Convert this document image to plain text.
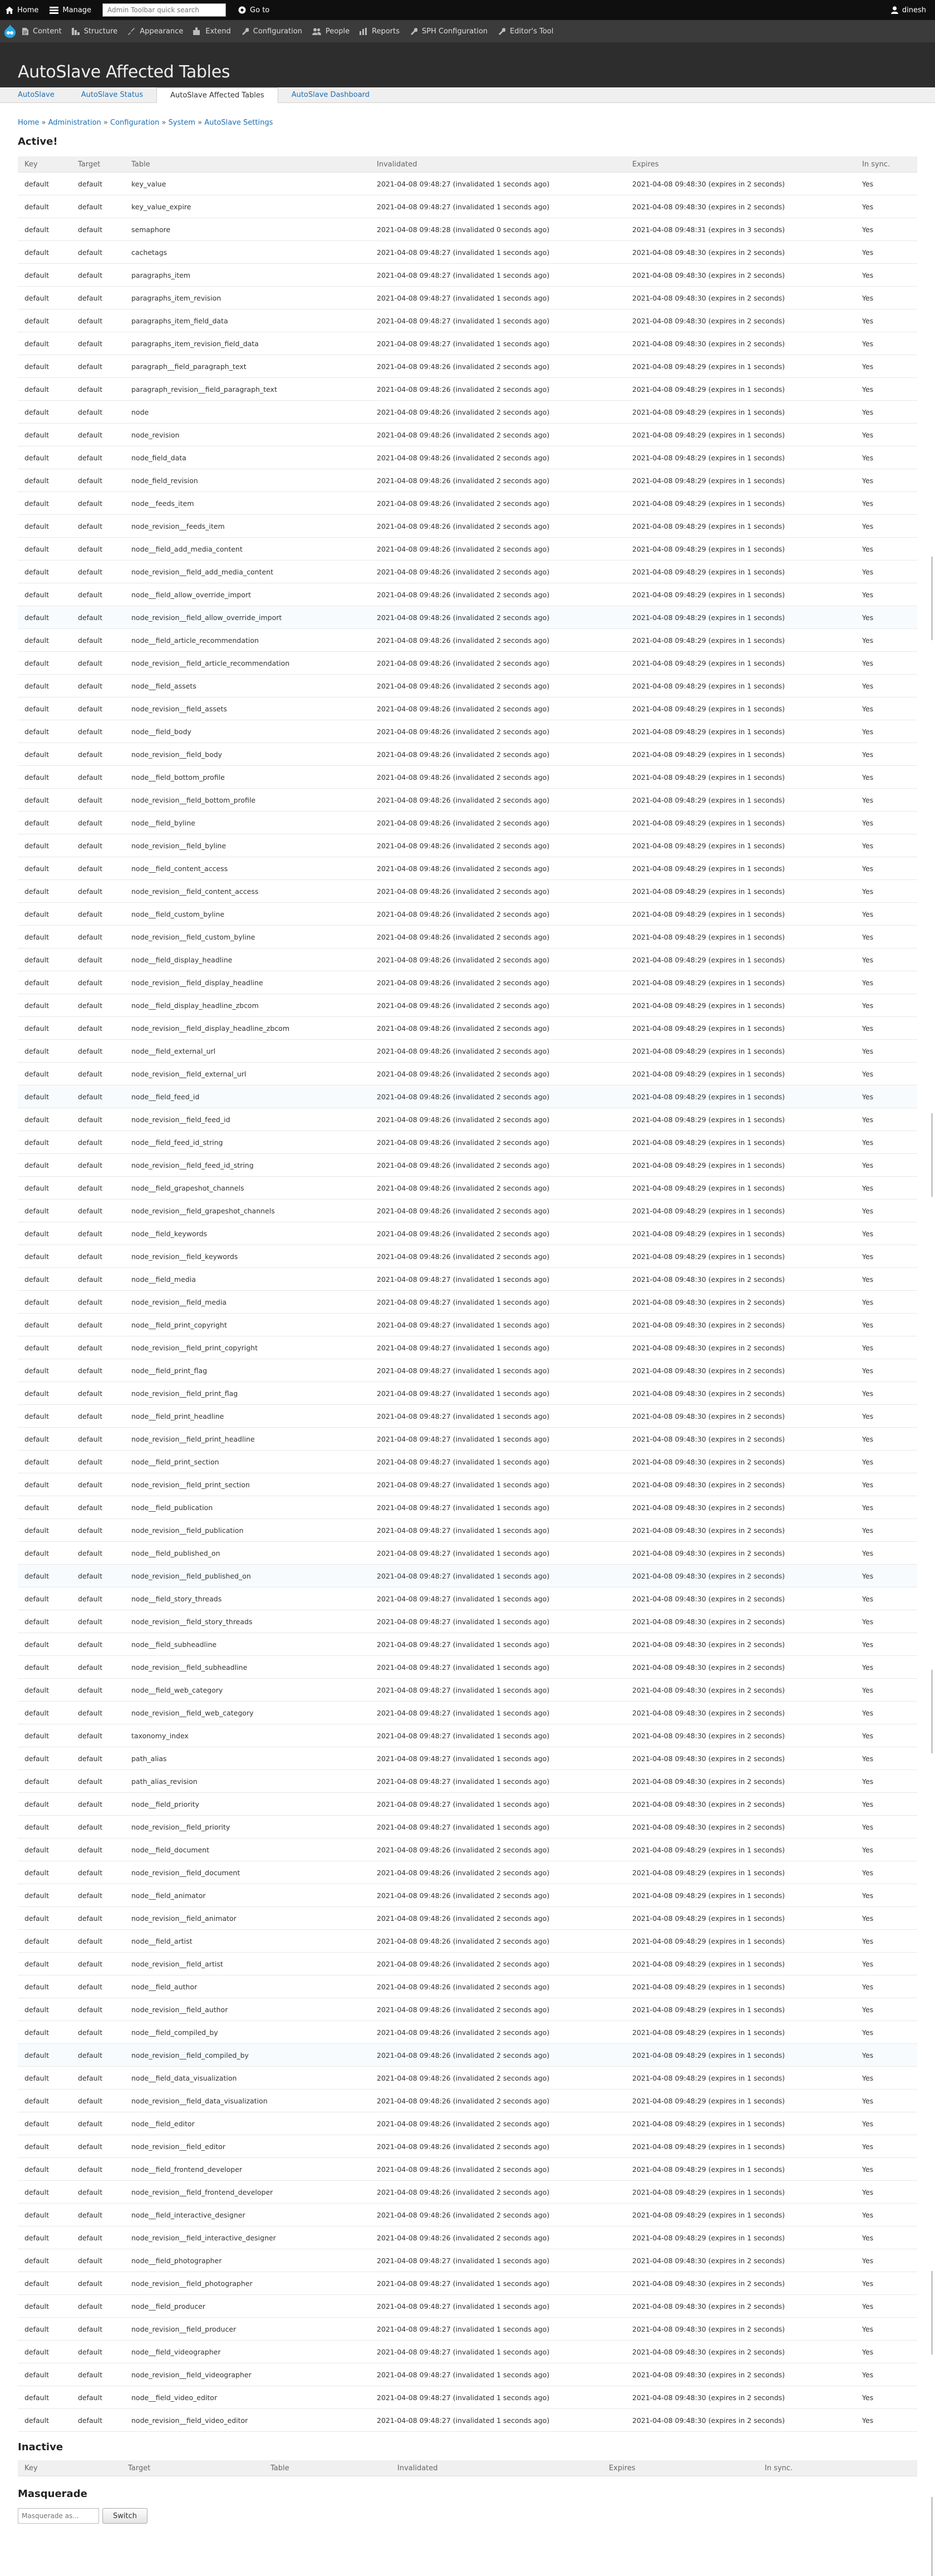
Home	Manage
Admin Toolbar quick search	Go to	dinesh
Content	Structure	Appearance	Extend	Configuration	People	Reports	SPH Configuration	Editor's Tool
AutoSlave Affected Tables
AutoSlave	AutoSlave Status	AutoSlave Affected Tables	AutoSlave Dashboard
Home » Administration » Configuration » System » AutoSlave Settings
Active!
Key	Target	Table	Invalidated	Expires	In sync.
default	default	key_value	2021-04-08 09:48:27 (invalidated 1 seconds ago)	2021-04-08 09:48:30 (expires in 2 seconds)	Yes
default	default	key_value_expire	2021-04-08 09:48:27 (invalidated 1 seconds ago)	2021-04-08 09:48:30 (expires in 2 seconds)	Yes
default	default	semaphore	2021-04-08 09:48:28 (invalidated 0 seconds ago)	2021-04-08 09:48:31 (expires in 3 seconds)	Yes
default	default	cachetags	2021-04-08 09:48:27 (invalidated 1 seconds ago)	2021-04-08 09:48:30 (expires in 2 seconds)	Yes
default	default	paragraphs_item	2021-04-08 09:48:27 (invalidated 1 seconds ago)	2021-04-08 09:48:30 (expires in 2 seconds)	Yes
default	default	paragraphs_item_revision	2021-04-08 09:48:27 (invalidated 1 seconds ago)	2021-04-08 09:48:30 (expires in 2 seconds)	Yes
default	default	paragraphs_item_field_data	2021-04-08 09:48:27 (invalidated 1 seconds ago)	2021-04-08 09:48:30 (expires in 2 seconds)	Yes
default	default	paragraphs_item_revision_field_data	2021-04-08 09:48:27 (invalidated 1 seconds ago)	2021-04-08 09:48:30 (expires in 2 seconds)	Yes
default	default	paragraph__field_paragraph_text	2021-04-08 09:48:26 (invalidated 2 seconds ago)	2021-04-08 09:48:29 (expires in 1 seconds)	Yes
default	default	paragraph_revision__field_paragraph_text	2021-04-08 09:48:26 (invalidated 2 seconds ago)	2021-04-08 09:48:29 (expires in 1 seconds)	Yes
default	default	node	2021-04-08 09:48:26 (invalidated 2 seconds ago)	2021-04-08 09:48:29 (expires in 1 seconds)	Yes
default	default	node_revision	2021-04-08 09:48:26 (invalidated 2 seconds ago)	2021-04-08 09:48:29 (expires in 1 seconds)	Yes
default	default	node_field_data	2021-04-08 09:48:26 (invalidated 2 seconds ago)	2021-04-08 09:48:29 (expires in 1 seconds)	Yes
default	default	node_field_revision	2021-04-08 09:48:26 (invalidated 2 seconds ago)	2021-04-08 09:48:29 (expires in 1 seconds)	Yes
default	default	node__feeds_item	2021-04-08 09:48:26 (invalidated 2 seconds ago)	2021-04-08 09:48:29 (expires in 1 seconds)	Yes
default	default	node_revision__feeds_item	2021-04-08 09:48:26 (invalidated 2 seconds ago)	2021-04-08 09:48:29 (expires in 1 seconds)	Yes
default	default	node__field_add_media_content	2021-04-08 09:48:26 (invalidated 2 seconds ago)	2021-04-08 09:48:29 (expires in 1 seconds)	Yes
default	default	node_revision__field_add_media_content	2021-04-08 09:48:26 (invalidated 2 seconds ago)	2021-04-08 09:48:29 (expires in 1 seconds)	Yes
default	default	node__field_allow_override_import	2021-04-08 09:48:26 (invalidated 2 seconds ago)	2021-04-08 09:48:29 (expires in 1 seconds)	Yes
default	default	node_revision__field_allow_override_import	2021-04-08 09:48:26 (invalidated 2 seconds ago)	2021-04-08 09:48:29 (expires in 1 seconds)	Yes
default	default	node__field_article_recommendation	2021-04-08 09:48:26 (invalidated 2 seconds ago)	2021-04-08 09:48:29 (expires in 1 seconds)	Yes
default	default	node_revision__field_article_recommendation	2021-04-08 09:48:26 (invalidated 2 seconds ago)	2021-04-08 09:48:29 (expires in 1 seconds)	Yes
default	default	node__field_assets	2021-04-08 09:48:26 (invalidated 2 seconds ago)	2021-04-08 09:48:29 (expires in 1 seconds)	Yes
default	default	node_revision__field_assets	2021-04-08 09:48:26 (invalidated 2 seconds ago)	2021-04-08 09:48:29 (expires in 1 seconds)	Yes
default	default	node__field_body	2021-04-08 09:48:26 (invalidated 2 seconds ago)	2021-04-08 09:48:29 (expires in 1 seconds)	Yes
default	default	node_revision__field_body	2021-04-08 09:48:26 (invalidated 2 seconds ago)	2021-04-08 09:48:29 (expires in 1 seconds)	Yes
default	default	node__field_bottom_profile	2021-04-08 09:48:26 (invalidated 2 seconds ago)	2021-04-08 09:48:29 (expires in 1 seconds)	Yes
default	default	node_revision__field_bottom_profile	2021-04-08 09:48:26 (invalidated 2 seconds ago)	2021-04-08 09:48:29 (expires in 1 seconds)	Yes
default	default	node__field_byline	2021-04-08 09:48:26 (invalidated 2 seconds ago)	2021-04-08 09:48:29 (expires in 1 seconds)	Yes
default	default	node_revision__field_byline	2021-04-08 09:48:26 (invalidated 2 seconds ago)	2021-04-08 09:48:29 (expires in 1 seconds)	Yes
default	default	node__field_content_access	2021-04-08 09:48:26 (invalidated 2 seconds ago)	2021-04-08 09:48:29 (expires in 1 seconds)	Yes
default	default	node_revision__field_content_access	2021-04-08 09:48:26 (invalidated 2 seconds ago)	2021-04-08 09:48:29 (expires in 1 seconds)	Yes
default	default	node__field_custom_byline	2021-04-08 09:48:26 (invalidated 2 seconds ago)	2021-04-08 09:48:29 (expires in 1 seconds)	Yes
default	default	node_revision__field_custom_byline	2021-04-08 09:48:26 (invalidated 2 seconds ago)	2021-04-08 09:48:29 (expires in 1 seconds)	Yes
default	default	node__field_display_headline	2021-04-08 09:48:26 (invalidated 2 seconds ago)	2021-04-08 09:48:29 (expires in 1 seconds)	Yes
default	default	node_revision__field_display_headline	2021-04-08 09:48:26 (invalidated 2 seconds ago)	2021-04-08 09:48:29 (expires in 1 seconds)	Yes
default	default	node__field_display_headline_zbcom	2021-04-08 09:48:26 (invalidated 2 seconds ago)	2021-04-08 09:48:29 (expires in 1 seconds)	Yes
default	default	node_revision__field_display_headline_zbcom	2021-04-08 09:48:26 (invalidated 2 seconds ago)	2021-04-08 09:48:29 (expires in 1 seconds)	Yes
default	default	node__field_external_url	2021-04-08 09:48:26 (invalidated 2 seconds ago)	2021-04-08 09:48:29 (expires in 1 seconds)	Yes
default	default	node_revision__field_external_url	2021-04-08 09:48:26 (invalidated 2 seconds ago)	2021-04-08 09:48:29 (expires in 1 seconds)	Yes
default	default	node__field_feed_id	2021-04-08 09:48:26 (invalidated 2 seconds ago)	2021-04-08 09:48:29 (expires in 1 seconds)	Yes
default	default	node_revision__field_feed_id	2021-04-08 09:48:26 (invalidated 2 seconds ago)	2021-04-08 09:48:29 (expires in 1 seconds)	Yes
default	default	node__field_feed_id_string	2021-04-08 09:48:26 (invalidated 2 seconds ago)	2021-04-08 09:48:29 (expires in 1 seconds)	Yes
default	default	node_revision__field_feed_id_string	2021-04-08 09:48:26 (invalidated 2 seconds ago)	2021-04-08 09:48:29 (expires in 1 seconds)	Yes
default	default	node__field_grapeshot_channels	2021-04-08 09:48:26 (invalidated 2 seconds ago)	2021-04-08 09:48:29 (expires in 1 seconds)	Yes
default	default	node_revision__field_grapeshot_channels	2021-04-08 09:48:26 (invalidated 2 seconds ago)	2021-04-08 09:48:29 (expires in 1 seconds)	Yes
default	default	node__field_keywords	2021-04-08 09:48:26 (invalidated 2 seconds ago)	2021-04-08 09:48:29 (expires in 1 seconds)	Yes
default	default	node_revision__field_keywords	2021-04-08 09:48:26 (invalidated 2 seconds ago)	2021-04-08 09:48:29 (expires in 1 seconds)	Yes
default	default	node__field_media	2021-04-08 09:48:27 (invalidated 1 seconds ago)	2021-04-08 09:48:30 (expires in 2 seconds)	Yes
default	default	node_revision__field_media	2021-04-08 09:48:27 (invalidated 1 seconds ago)	2021-04-08 09:48:30 (expires in 2 seconds)	Yes
default	default	node__field_print_copyright	2021-04-08 09:48:27 (invalidated 1 seconds ago)	2021-04-08 09:48:30 (expires in 2 seconds)	Yes
default	default	node_revision__field_print_copyright	2021-04-08 09:48:27 (invalidated 1 seconds ago)	2021-04-08 09:48:30 (expires in 2 seconds)	Yes
default	default	node__field_print_flag	2021-04-08 09:48:27 (invalidated 1 seconds ago)	2021-04-08 09:48:30 (expires in 2 seconds)	Yes
default	default	node_revision__field_print_flag	2021-04-08 09:48:27 (invalidated 1 seconds ago)	2021-04-08 09:48:30 (expires in 2 seconds)	Yes
default	default	node__field_print_headline	2021-04-08 09:48:27 (invalidated 1 seconds ago)	2021-04-08 09:48:30 (expires in 2 seconds)	Yes
default	default	node_revision__field_print_headline	2021-04-08 09:48:27 (invalidated 1 seconds ago)	2021-04-08 09:48:30 (expires in 2 seconds)	Yes
default	default	node__field_print_section	2021-04-08 09:48:27 (invalidated 1 seconds ago)	2021-04-08 09:48:30 (expires in 2 seconds)	Yes
default	default	node_revision__field_print_section	2021-04-08 09:48:27 (invalidated 1 seconds ago)	2021-04-08 09:48:30 (expires in 2 seconds)	Yes
default	default	node__field_publication	2021-04-08 09:48:27 (invalidated 1 seconds ago)	2021-04-08 09:48:30 (expires in 2 seconds)	Yes
default	default	node_revision__field_publication	2021-04-08 09:48:27 (invalidated 1 seconds ago)	2021-04-08 09:48:30 (expires in 2 seconds)	Yes
default	default	node__field_published_on	2021-04-08 09:48:27 (invalidated 1 seconds ago)	2021-04-08 09:48:30 (expires in 2 seconds)	Yes
default	default	node_revision__field_published_on	2021-04-08 09:48:27 (invalidated 1 seconds ago)	2021-04-08 09:48:30 (expires in 2 seconds)	Yes
default	default	node__field_story_threads	2021-04-08 09:48:27 (invalidated 1 seconds ago)	2021-04-08 09:48:30 (expires in 2 seconds)	Yes
default	default	node_revision__field_story_threads	2021-04-08 09:48:27 (invalidated 1 seconds ago)	2021-04-08 09:48:30 (expires in 2 seconds)	Yes
default	default	node__field_subheadline	2021-04-08 09:48:27 (invalidated 1 seconds ago)	2021-04-08 09:48:30 (expires in 2 seconds)	Yes
default	default	node_revision__field_subheadline	2021-04-08 09:48:27 (invalidated 1 seconds ago)	2021-04-08 09:48:30 (expires in 2 seconds)	Yes
default	default	node__field_web_category	2021-04-08 09:48:27 (invalidated 1 seconds ago)	2021-04-08 09:48:30 (expires in 2 seconds)	Yes
default	default	node_revision__field_web_category	2021-04-08 09:48:27 (invalidated 1 seconds ago)	2021-04-08 09:48:30 (expires in 2 seconds)	Yes
default	default	taxonomy_index	2021-04-08 09:48:27 (invalidated 1 seconds ago)	2021-04-08 09:48:30 (expires in 2 seconds)	Yes
default	default	path_alias	2021-04-08 09:48:27 (invalidated 1 seconds ago)	2021-04-08 09:48:30 (expires in 2 seconds)	Yes
default	default	path_alias_revision	2021-04-08 09:48:27 (invalidated 1 seconds ago)	2021-04-08 09:48:30 (expires in 2 seconds)	Yes
default	default	node__field_priority	2021-04-08 09:48:27 (invalidated 1 seconds ago)	2021-04-08 09:48:30 (expires in 2 seconds)	Yes
default	default	node_revision__field_priority	2021-04-08 09:48:27 (invalidated 1 seconds ago)	2021-04-08 09:48:30 (expires in 2 seconds)	Yes
default	default	node__field_document	2021-04-08 09:48:26 (invalidated 2 seconds ago)	2021-04-08 09:48:29 (expires in 1 seconds)	Yes
default	default	node_revision__field_document	2021-04-08 09:48:26 (invalidated 2 seconds ago)	2021-04-08 09:48:29 (expires in 1 seconds)	Yes
default	default	node__field_animator	2021-04-08 09:48:26 (invalidated 2 seconds ago)	2021-04-08 09:48:29 (expires in 1 seconds)	Yes
default	default	node_revision__field_animator	2021-04-08 09:48:26 (invalidated 2 seconds ago)	2021-04-08 09:48:29 (expires in 1 seconds)	Yes
default	default	node__field_artist	2021-04-08 09:48:26 (invalidated 2 seconds ago)	2021-04-08 09:48:29 (expires in 1 seconds)	Yes
default	default	node_revision__field_artist	2021-04-08 09:48:26 (invalidated 2 seconds ago)	2021-04-08 09:48:29 (expires in 1 seconds)	Yes
default	default	node__field_author	2021-04-08 09:48:26 (invalidated 2 seconds ago)	2021-04-08 09:48:29 (expires in 1 seconds)	Yes
default	default	node_revision__field_author	2021-04-08 09:48:26 (invalidated 2 seconds ago)	2021-04-08 09:48:29 (expires in 1 seconds)	Yes
default	default	node__field_compiled_by	2021-04-08 09:48:26 (invalidated 2 seconds ago)	2021-04-08 09:48:29 (expires in 1 seconds)	Yes
default	default	node_revision__field_compiled_by	2021-04-08 09:48:26 (invalidated 2 seconds ago)	2021-04-08 09:48:29 (expires in 1 seconds)	Yes
default	default	node__field_data_visualization	2021-04-08 09:48:26 (invalidated 2 seconds ago)	2021-04-08 09:48:29 (expires in 1 seconds)	Yes
default	default	node_revision__field_data_visualization	2021-04-08 09:48:26 (invalidated 2 seconds ago)	2021-04-08 09:48:29 (expires in 1 seconds)	Yes
default	default	node__field_editor	2021-04-08 09:48:26 (invalidated 2 seconds ago)	2021-04-08 09:48:29 (expires in 1 seconds)	Yes
default	default	node_revision__field_editor	2021-04-08 09:48:26 (invalidated 2 seconds ago)	2021-04-08 09:48:29 (expires in 1 seconds)	Yes
default	default	node__field_frontend_developer	2021-04-08 09:48:26 (invalidated 2 seconds ago)	2021-04-08 09:48:29 (expires in 1 seconds)	Yes
default	default	node_revision__field_frontend_developer	2021-04-08 09:48:26 (invalidated 2 seconds ago)	2021-04-08 09:48:29 (expires in 1 seconds)	Yes
default	default	node__field_interactive_designer	2021-04-08 09:48:26 (invalidated 2 seconds ago)	2021-04-08 09:48:29 (expires in 1 seconds)	Yes
default	default	node_revision__field_interactive_designer	2021-04-08 09:48:26 (invalidated 2 seconds ago)	2021-04-08 09:48:29 (expires in 1 seconds)	Yes
default	default	node__field_photographer	2021-04-08 09:48:27 (invalidated 1 seconds ago)	2021-04-08 09:48:30 (expires in 2 seconds)	Yes
default	default	node_revision__field_photographer	2021-04-08 09:48:27 (invalidated 1 seconds ago)	2021-04-08 09:48:30 (expires in 2 seconds)	Yes
default	default	node__field_producer	2021-04-08 09:48:27 (invalidated 1 seconds ago)	2021-04-08 09:48:30 (expires in 2 seconds)	Yes
default	default	node_revision__field_producer	2021-04-08 09:48:27 (invalidated 1 seconds ago)	2021-04-08 09:48:30 (expires in 2 seconds)	Yes
default	default	node__field_videographer	2021-04-08 09:48:27 (invalidated 1 seconds ago)	2021-04-08 09:48:30 (expires in 2 seconds)	Yes
default	default	node_revision__field_videographer	2021-04-08 09:48:27 (invalidated 1 seconds ago)	2021-04-08 09:48:30 (expires in 2 seconds)	Yes
default	default	node__field_video_editor	2021-04-08 09:48:27 (invalidated 1 seconds ago)	2021-04-08 09:48:30 (expires in 2 seconds)	Yes
default	default	node_revision__field_video_editor	2021-04-08 09:48:27 (invalidated 1 seconds ago)	2021-04-08 09:48:30 (expires in 2 seconds)	Yes
Inactive
Key	Target	Table	Invalidated	Expires	In sync.
Masquerade
Masquerade as...
Switch
